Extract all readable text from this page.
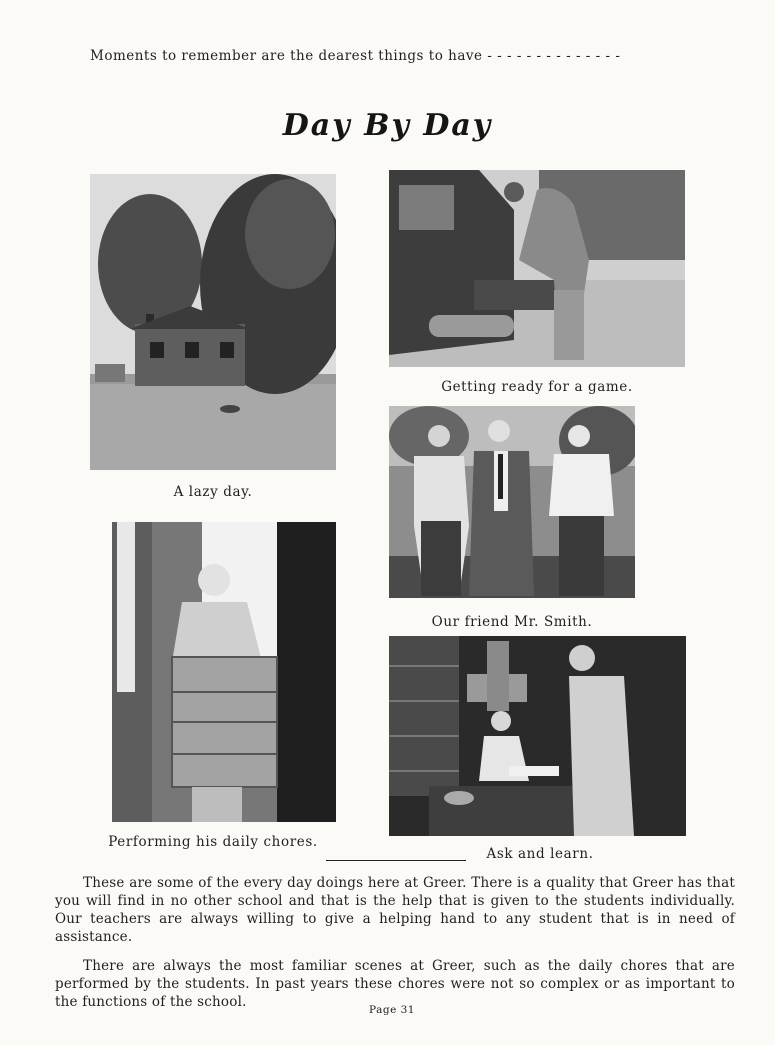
Moments to remember are the dearest things to have - - - - - - - - - - - - - -
Day By Day
A lazy day.
Getting ready for a game.
Our friend Mr. Smith.
Performing his daily chores.
Ask and learn.
These are some of the every day doings here at Greer. There is a quality that Greer has that you will find in no other school and that is the help that is given to the students individually. Our teachers are always willing to give a helping hand to any student that is in need of assistance.
There are always the most familiar scenes at Greer, such as the daily chores that are performed by the students. In past years these chores were not so complex or as important to the functions of the school.	Page 31
